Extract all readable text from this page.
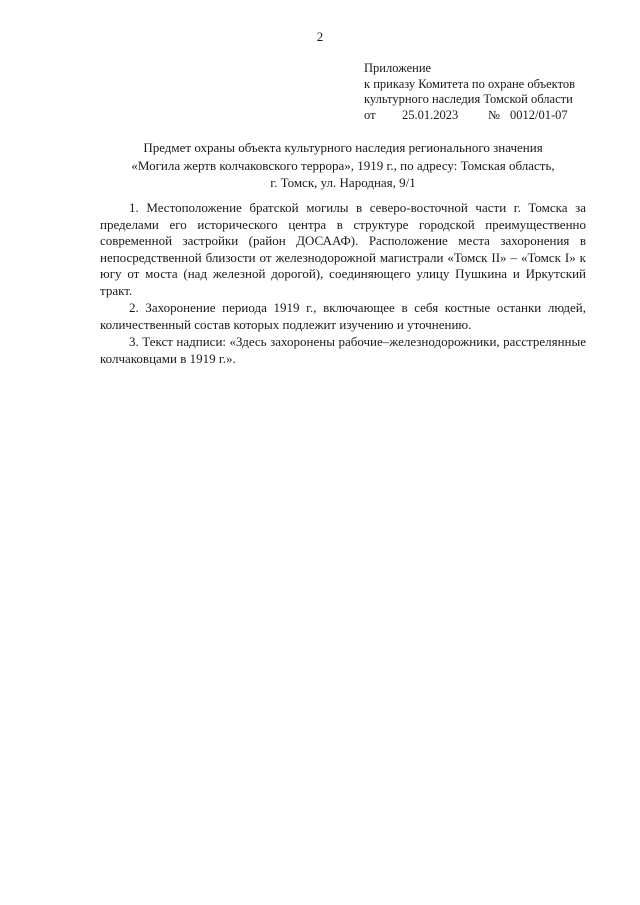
2
Приложение
к приказу Комитета по охране объектов
культурного наследия Томской области
от 25.01.2023 № 0012/01-07
Предмет охраны объекта культурного наследия регионального значения
«Могила жертв колчаковского террора», 1919 г., по адресу: Томская область,
г. Томск, ул. Народная, 9/1

1. Местоположение братской могилы в северо-восточной части г. Томска за пределами его исторического центра в структуре городской преимущественно современной застройки (район ДОСААФ). Расположение места захоронения в непосредственной близости от железнодорожной магистрали «Томск II» – «Томск I» к югу от моста (над железной дорогой), соединяющего улицу Пушкина и Иркутский тракт.

2. Захоронение периода 1919 г., включающее в себя костные останки людей, количественный состав которых подлежит изучению и уточнению.

3. Текст надписи: «Здесь захоронены рабочие–железнодорожники, расстрелянные колчаковцами в 1919 г.».
